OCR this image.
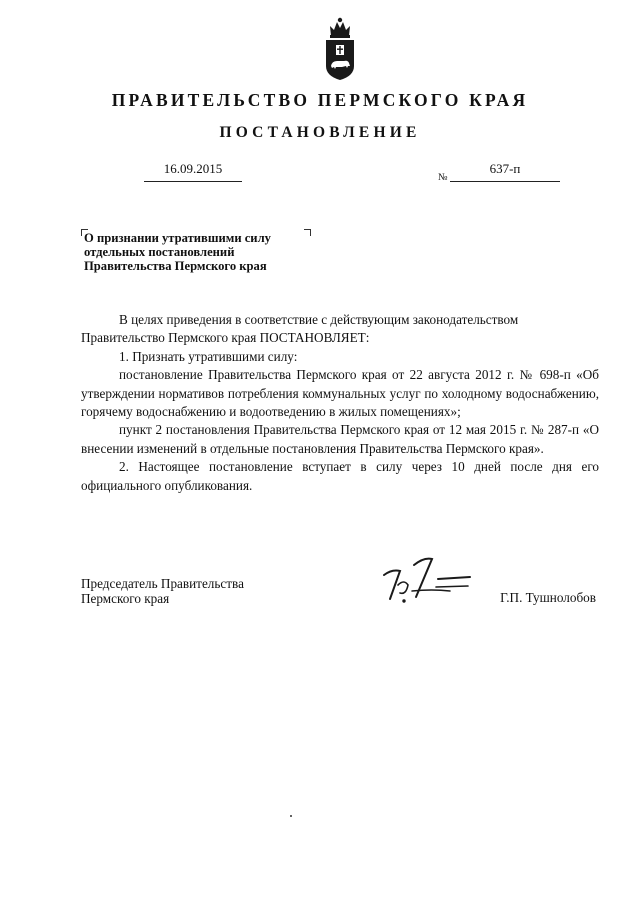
ПРАВИТЕЛЬСТВО ПЕРМСКОГО КРАЯ
ПОСТАНОВЛЕНИЕ
16.09.2015
№
637-п
О признании утратившими силу
отдельных постановлений
Правительства Пермского края

В целях приведения в соответствие с действующим законодательством Правительство Пермского края ПОСТАНОВЛЯЕТ:

1. Признать утратившими силу:

постановление Правительства Пермского края от 22 августа 2012 г. № 698-п «Об утверждении нормативов потребления коммунальных услуг по холодному водоснабжению, горячему водоснабжению и водоотведению в жилых помещениях»;

пункт 2 постановления Правительства Пермского края от 12 мая 2015 г. № 287-п «О внесении изменений в отдельные постановления Правительства Пермского края».

2. Настоящее постановление вступает в силу через 10 дней после дня его официального опубликования.

Председатель Правительства
Пермского края	Г.П. Тушнолобов
